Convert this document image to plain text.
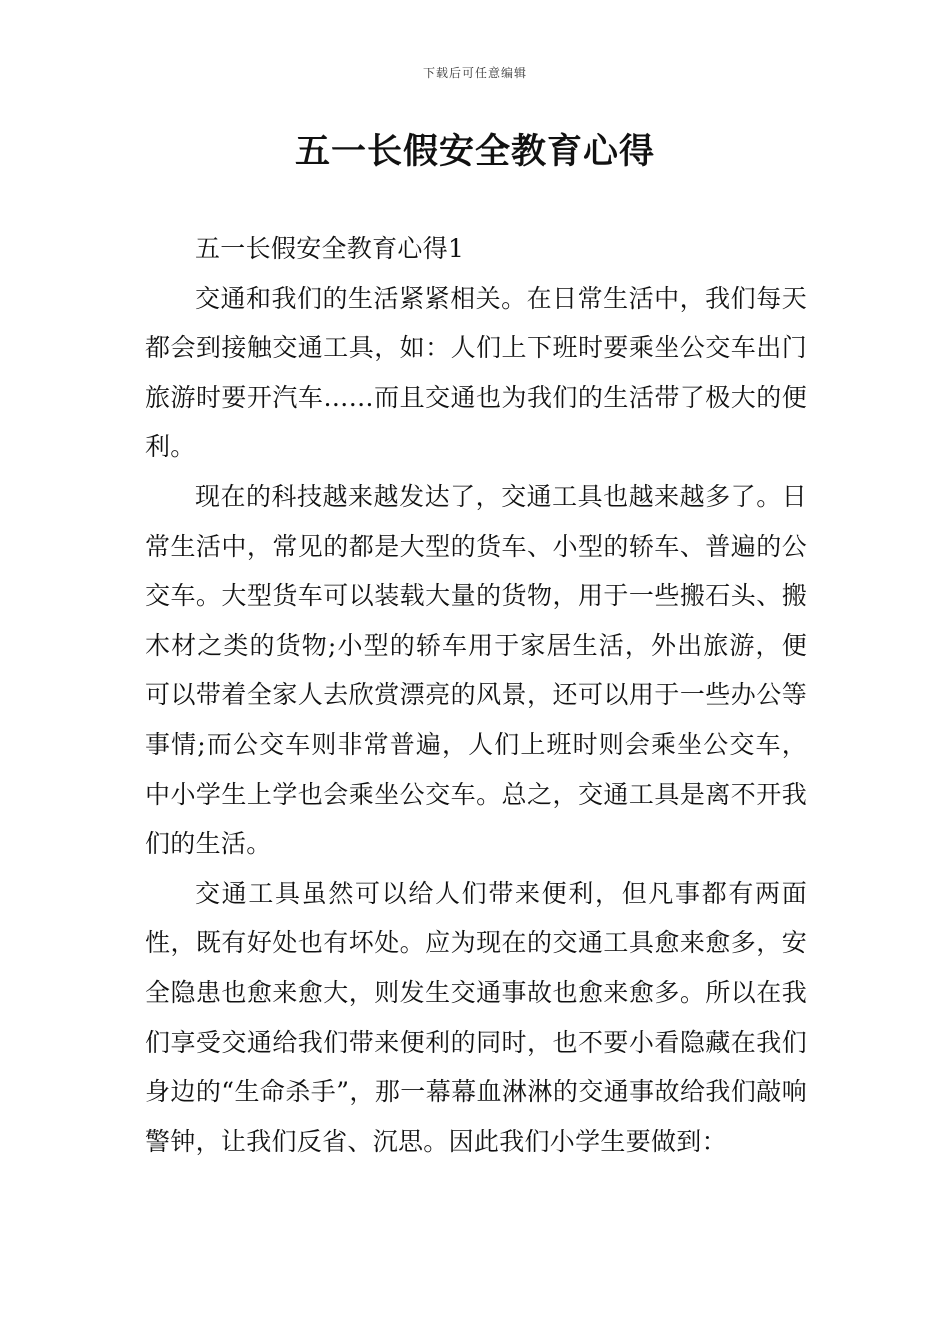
下载后可任意编辑
五一长假安全教育心得

五一长假安全教育心得1

交通和我们的生活紧紧相关。在日常生活中，我们每天都会到接触交通工具，如：人们上下班时要乘坐公交车出门旅游时要开汽车……而且交通也为我们的生活带了极大的便利。

现在的科技越来越发达了，交通工具也越来越多了。日常生活中，常见的都是大型的货车、小型的轿车、普遍的公交车。大型货车可以装载大量的货物，用于一些搬石头、搬木材之类的货物;小型的轿车用于家居生活，外出旅游，便可以带着全家人去欣赏漂亮的风景，还可以用于一些办公等事情;而公交车则非常普遍，人们上班时则会乘坐公交车，中小学生上学也会乘坐公交车。总之，交通工具是离不开我们的生活。

交通工具虽然可以给人们带来便利，但凡事都有两面性，既有好处也有坏处。应为现在的交通工具愈来愈多，安全隐患也愈来愈大，则发生交通事故也愈来愈多。所以在我们享受交通给我们带来便利的同时，也不要小看隐藏在我们身边的“生命杀手”，那一幕幕血淋淋的交通事故给我们敲响警钟，让我们反省、沉思。因此我们小学生要做到：
